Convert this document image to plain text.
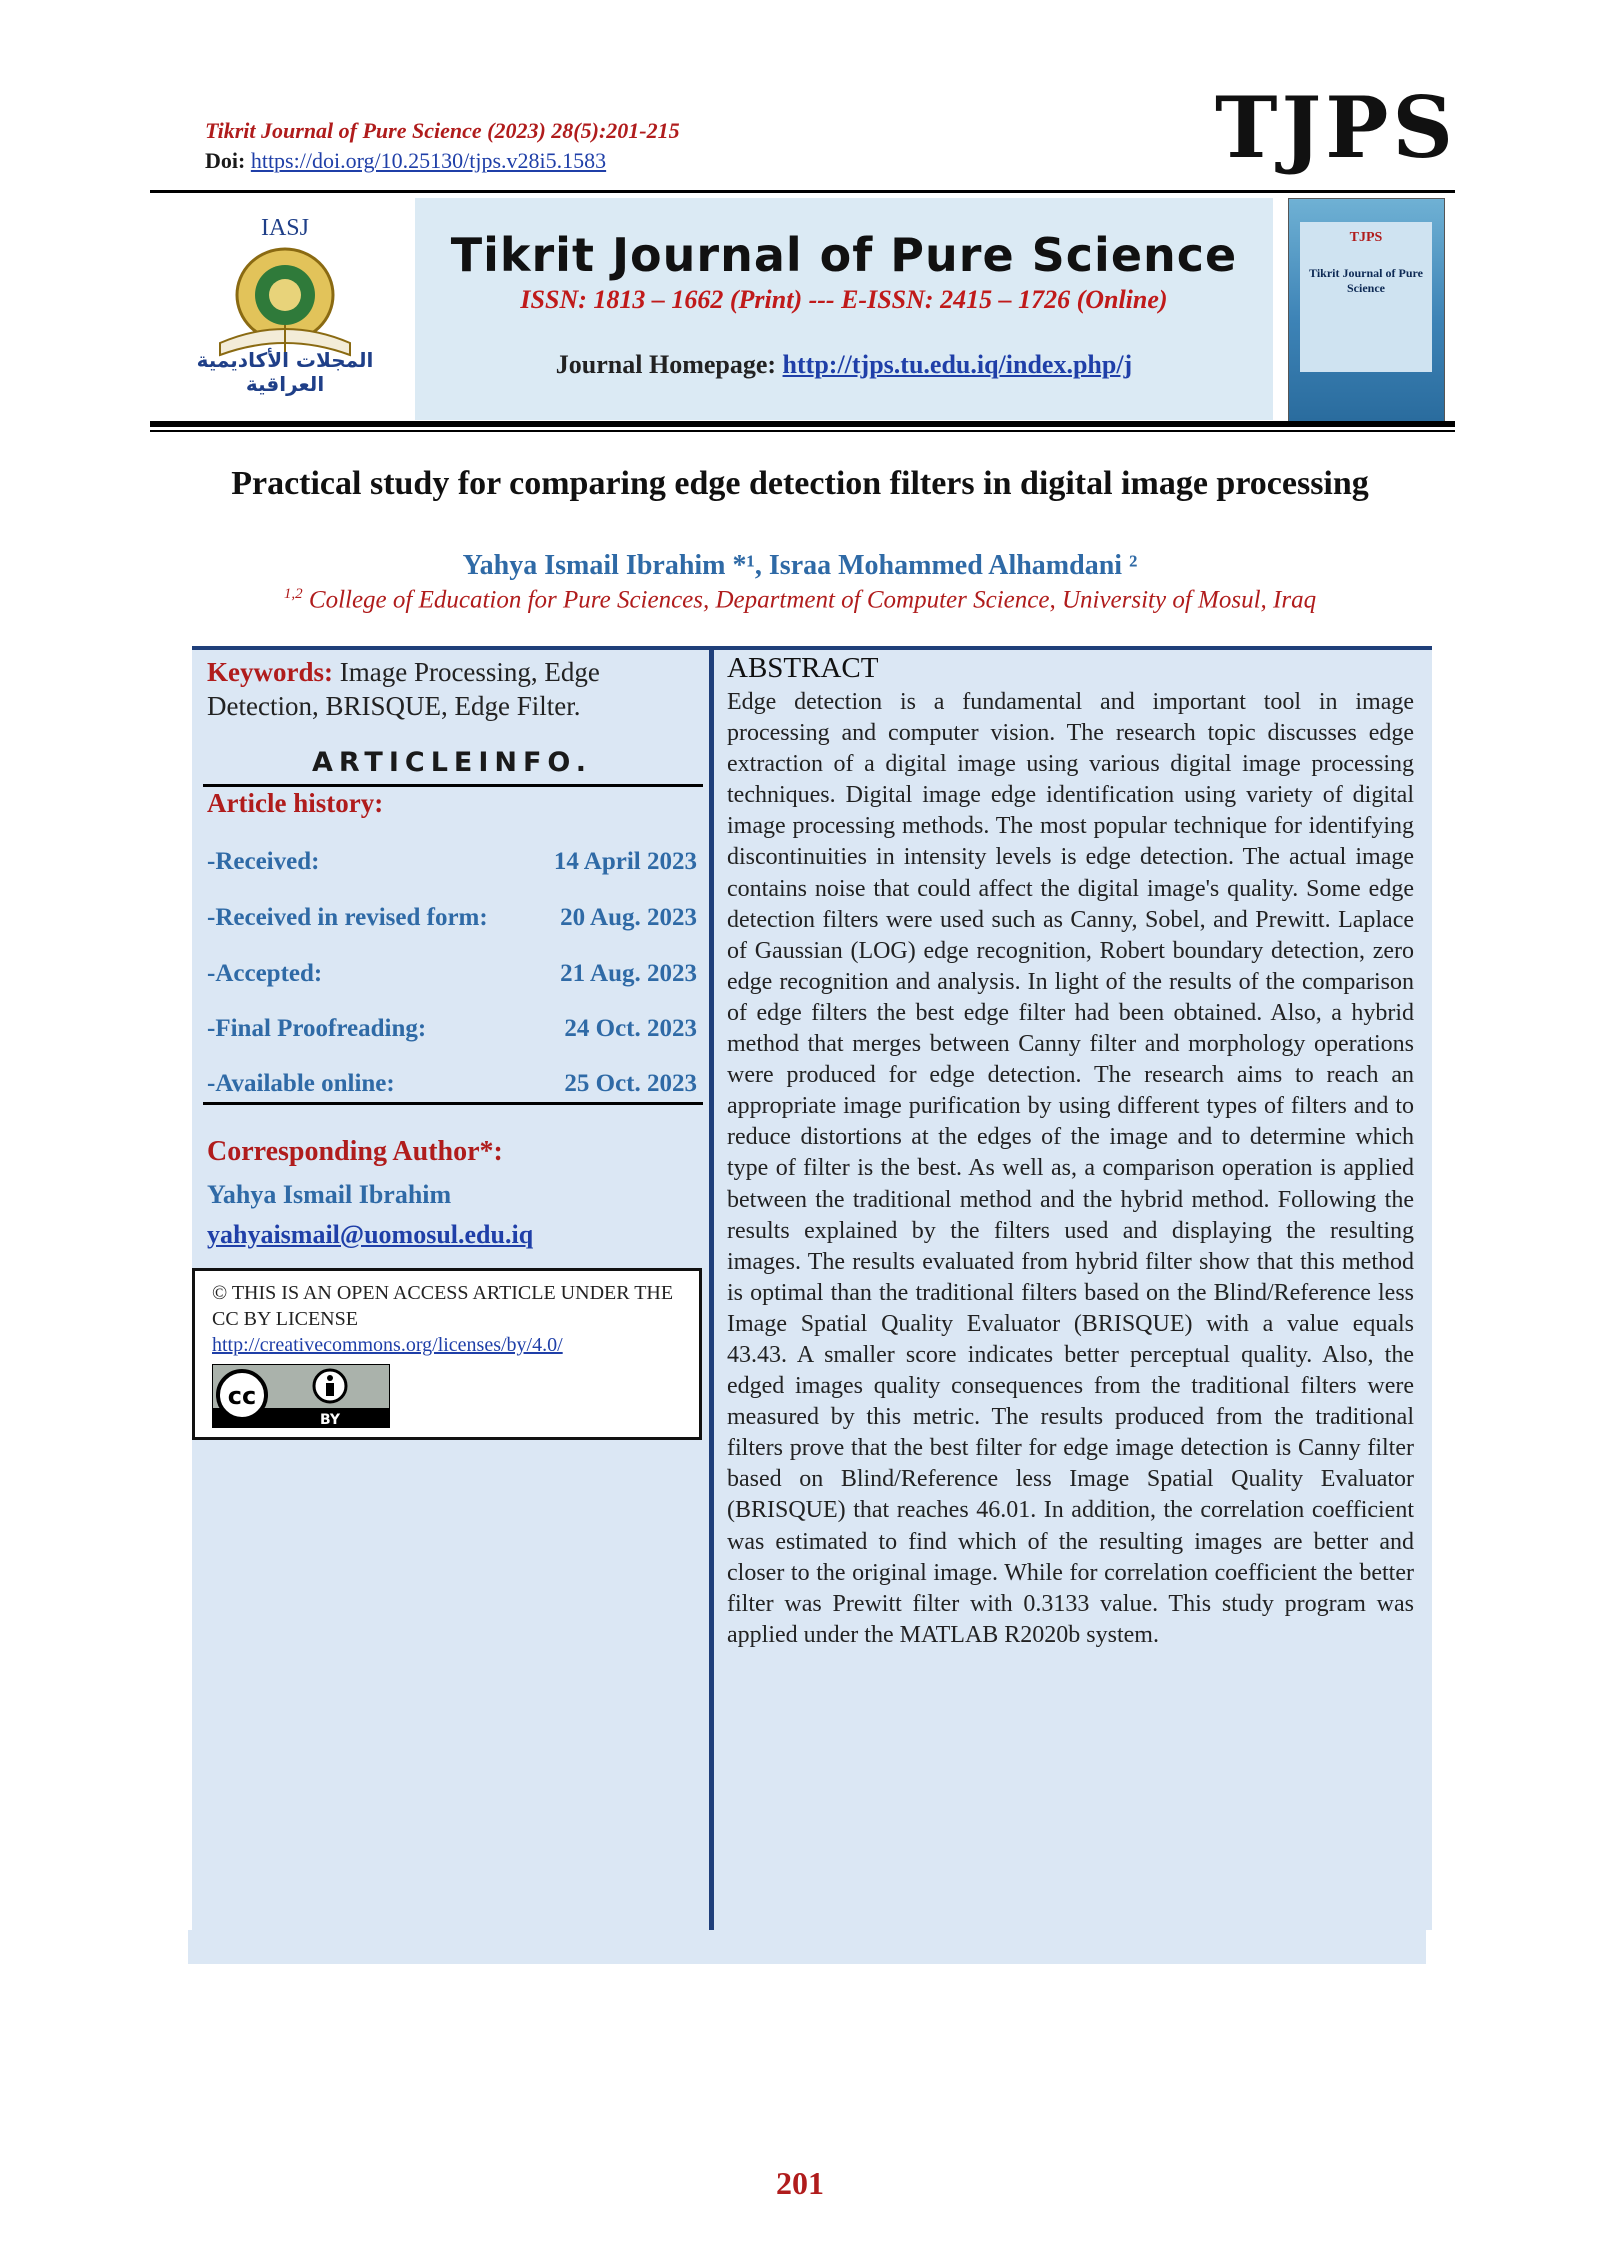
Tikrit Journal of Pure Science (2023) 28(5):201-215
Doi: https://doi.org/10.25130/tjps.v28i5.1583	TJPS
IASJ
المجلات الأكاديمية العراقية
Tikrit Journal of Pure Science
ISSN: 1813 – 1662 (Print) --- E-ISSN: 2415 – 1726 (Online)
Journal Homepage: http://tjps.tu.edu.iq/index.php/j
TJPS
Tikrit Journal of Pure Science
Practical study for comparing edge detection filters in digital image processing
Yahya Ismail Ibrahim *¹, Israa Mohammed Alhamdani ²
$^{1,2}$ College of Education for Pure Sciences, Department of Computer Science, University of Mosul, Iraq
Keywords: Image Processing, Edge Detection, BRISQUE, Edge Filter.
ARTICLEINFO.
Article history:
-Received:	14 April 2023
-Received in revised form:	20 Aug. 2023
-Accepted:	21 Aug. 2023
-Final Proofreading:	24 Oct. 2023
-Available online:	25 Oct. 2023
Corresponding Author*:
Yahya Ismail Ibrahim
yahyaismail@uomosul.edu.iq
© THIS IS AN OPEN ACCESS ARTICLE UNDER THE CC BY LICENSE
http://creativecommons.org/licenses/by/4.0/
cc
BY
ABSTRACT
Edge detection is a fundamental and important tool in image processing and computer vision. The research topic discusses edge extraction of a digital image using various digital image processing techniques. Digital image edge identification using variety of digital image processing methods. The most popular technique for identifying discontinuities in intensity levels is edge detection. The actual image contains noise that could affect the digital image's quality. Some edge detection filters were used such as Canny, Sobel, and Prewitt. Laplace of Gaussian (LOG) edge recognition, Robert boundary detection, zero edge recognition and analysis. In light of the results of the comparison of edge filters the best edge filter had been obtained. Also, a hybrid method that merges between Canny filter and morphology operations were produced for edge detection. The research aims to reach an appropriate image purification by using different types of filters and to reduce distortions at the edges of the image and to determine which type of filter is the best. As well as, a comparison operation is applied between the traditional method and the hybrid method. Following the results explained by the filters used and displaying the resulting images. The results evaluated from hybrid filter show that this method is optimal than the traditional filters based on the Blind/Reference less Image Spatial Quality Evaluator (BRISQUE) with a value equals 43.43. A smaller score indicates better perceptual quality. Also, the edged images quality consequences from the traditional filters were measured by this metric. The results produced from the traditional filters prove that the best filter for edge image detection is Canny filter based on Blind/Reference less Image Spatial Quality Evaluator (BRISQUE) that reaches 46.01. In addition, the correlation coefficient was estimated to find which of the resulting images are better and closer to the original image. While for correlation coefficient the better filter was Prewitt filter with 0.3133 value. This study program was applied under the MATLAB R2020b system.
201
